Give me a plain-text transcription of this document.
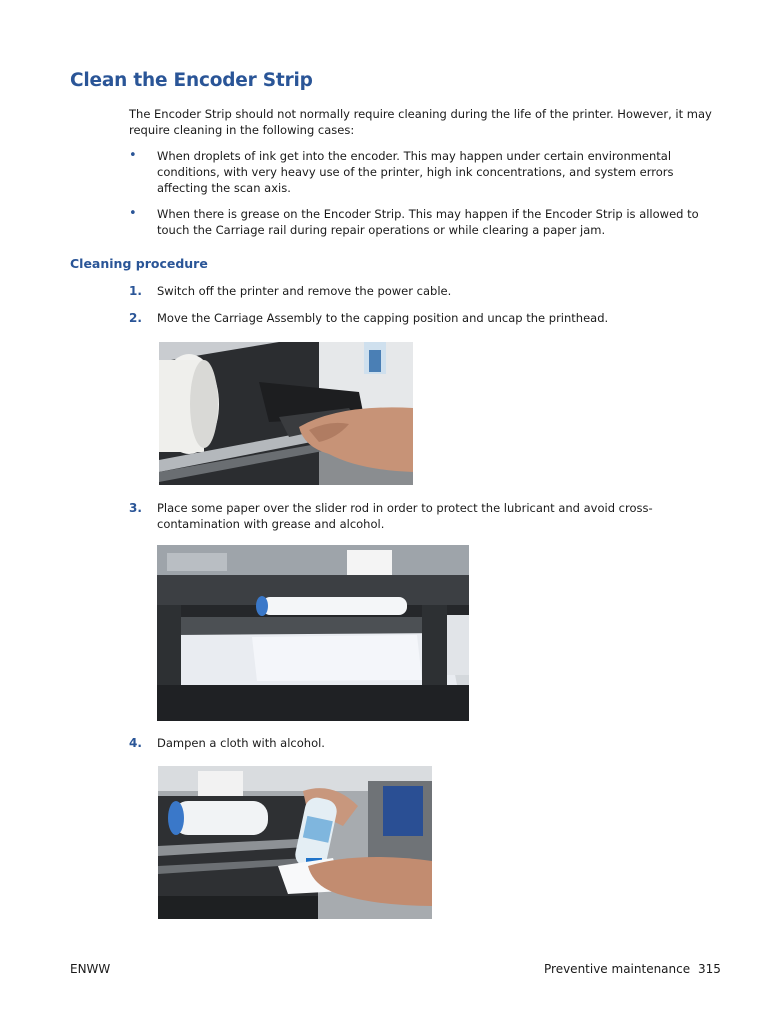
Clean the Encoder Strip

The Encoder Strip should not normally require cleaning during the life of the printer. However, it may require cleaning in the following cases:

• When droplets of ink get into the encoder. This may happen under certain environmental conditions, with very heavy use of the printer, high ink concentrations, and system errors affecting the scan axis.
• When there is grease on the Encoder Strip. This may happen if the Encoder Strip is allowed to touch the Carriage rail during repair operations or while clearing a paper jam.
Cleaning procedure
1.	Switch off the printer and remove the power cable.
2.	Move the Carriage Assembly to the capping position and uncap the printhead.
3.	Place some paper over the slider rod in order to protect the lubricant and avoid cross-contamination with grease and alcohol.
4.	Dampen a cloth with alcohol.
ENWW	Preventive maintenance 315
